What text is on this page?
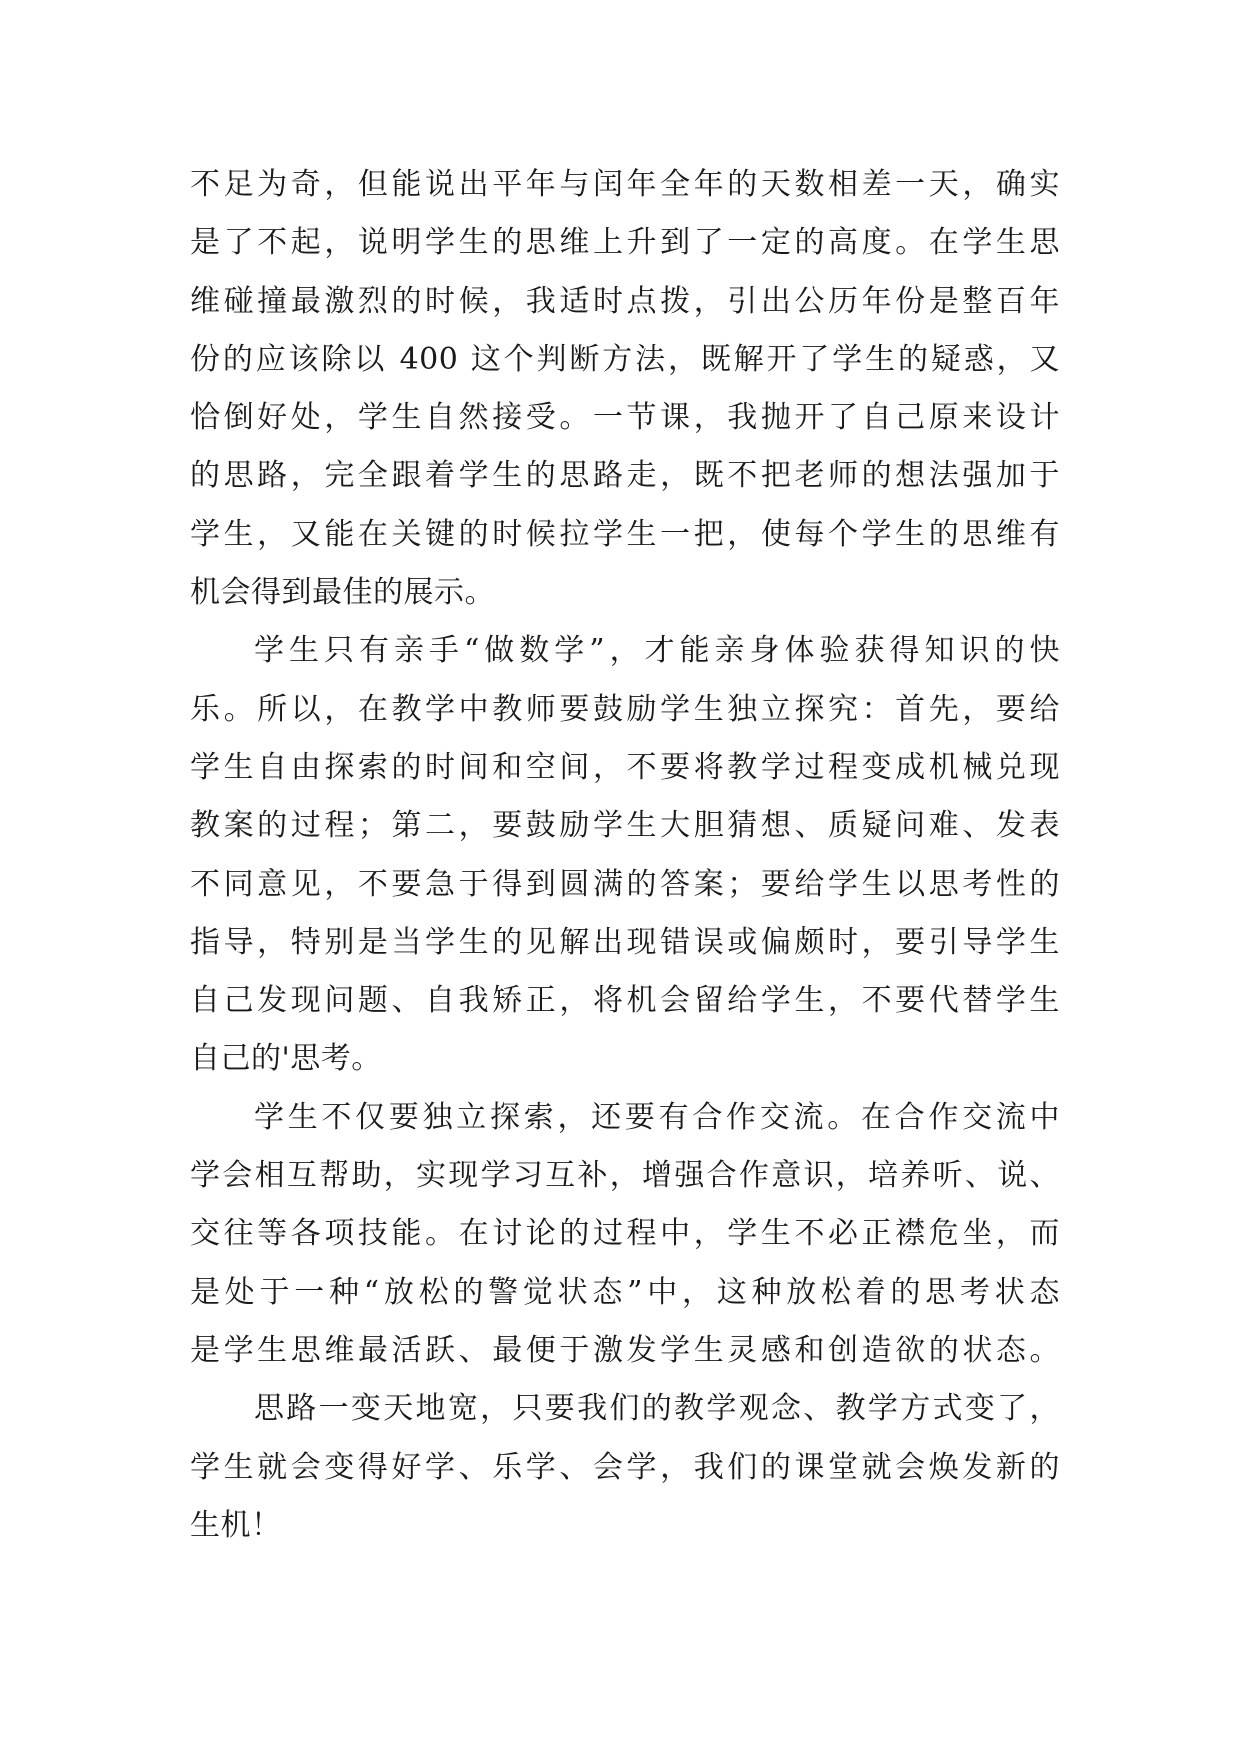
不足为奇，但能说出平年与闰年全年的天数相差一天，确实
是了不起，说明学生的思维上升到了一定的高度。在学生思
维碰撞最激烈的时候，我适时点拨，引出公历年份是整百年
份的应该除以 400 这个判断方法，既解开了学生的疑惑，又
恰倒好处，学生自然接受。一节课，我抛开了自己原来设计
的思路，完全跟着学生的思路走，既不把老师的想法强加于
学生，又能在关键的时候拉学生一把，使每个学生的思维有
机会得到最佳的展示。
学生只有亲手“做数学”，才能亲身体验获得知识的快
乐。所以，在教学中教师要鼓励学生独立探究：首先，要给
学生自由探索的时间和空间，不要将教学过程变成机械兑现
教案的过程；第二，要鼓励学生大胆猜想、质疑问难、发表
不同意见，不要急于得到圆满的答案；要给学生以思考性的
指导，特别是当学生的见解出现错误或偏颇时，要引导学生
自己发现问题、自我矫正，将机会留给学生，不要代替学生
自己的'思考。
学生不仅要独立探索，还要有合作交流。在合作交流中
学会相互帮助，实现学习互补，增强合作意识，培养听、说、
交往等各项技能。在讨论的过程中，学生不必正襟危坐，而
是处于一种“放松的警觉状态”中，这种放松着的思考状态
是学生思维最活跃、最便于激发学生灵感和创造欲的状态。
思路一变天地宽，只要我们的教学观念、教学方式变了，
学生就会变得好学、乐学、会学，我们的课堂就会焕发新的
生机！
